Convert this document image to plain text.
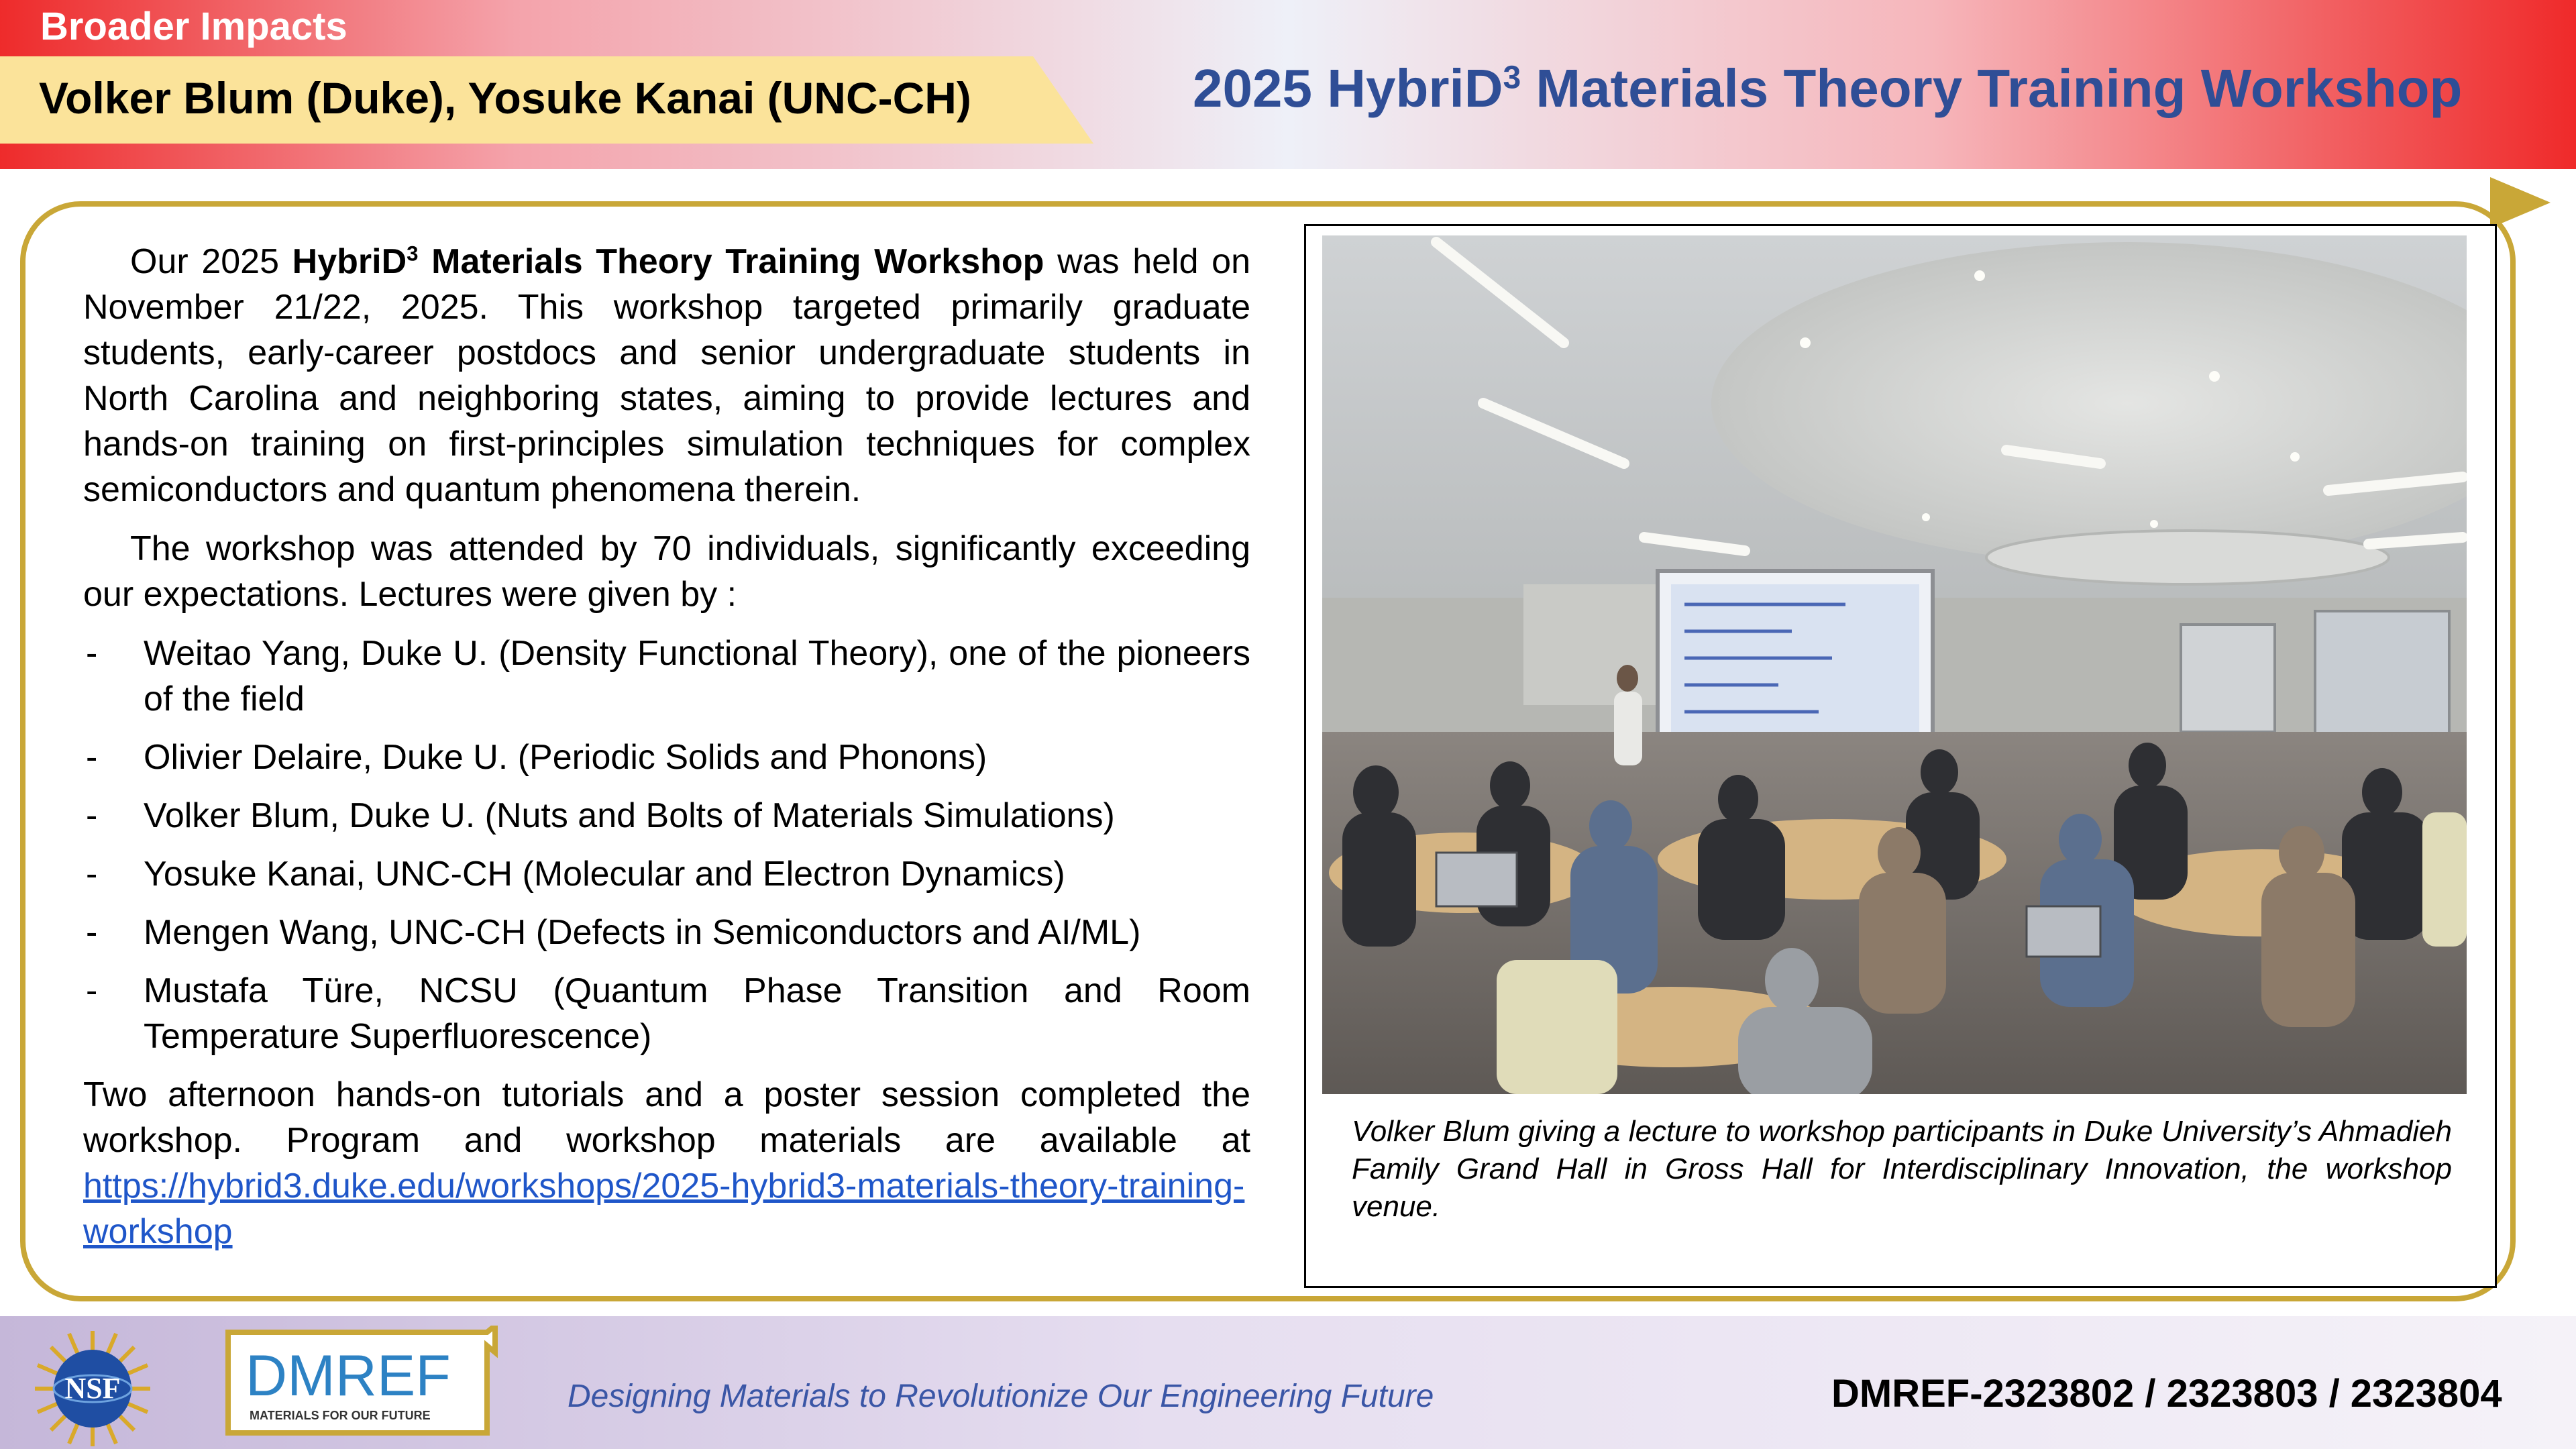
Broader Impacts
Volker Blum (Duke), Yosuke Kanai (UNC-CH)	2025 HybriD$^3$ Materials Theory Training Workshop

Our 2025 HybriD$^3$ Materials Theory Training Workshop was held on November 21/22, 2025. This workshop targeted primarily graduate students, early-career postdocs and senior undergraduate students in North Carolina and neighboring states, aiming to provide lectures and hands-on training on first-principles simulation techniques for complex semiconductors and quantum phenomena therein.

The workshop was attended by 70 individuals, significantly exceeding our expectations. Lectures were given by :

- Weitao Yang, Duke U. (Density Functional Theory), one of the pioneers of the field
- Olivier Delaire, Duke U. (Periodic Solids and Phonons)
- Volker Blum, Duke U. (Nuts and Bolts of Materials Simulations)
- Yosuke Kanai, UNC-CH (Molecular and Electron Dynamics)
- Mengen Wang, UNC-CH (Defects in Semiconductors and AI/ML)
- Mustafa Türe, NCSU (Quantum Phase Transition and Room Temperature Superfluorescence)

Two afternoon hands-on tutorials and a poster session completed the workshop. Program and workshop materials are available at https://hybrid3.duke.edu/workshops/2025-hybrid3-materials-theory-training-workshop

Volker Blum giving a lecture to workshop participants in Duke University’s Ahmadieh Family Grand Hall in Gross Hall for Interdisciplinary Innovation, the workshop venue.
NSF DMREF
MATERIALS FOR OUR FUTURE
Designing Materials to Revolutionize Our Engineering Future	DMREF-2323802 / 2323803 / 2323804
